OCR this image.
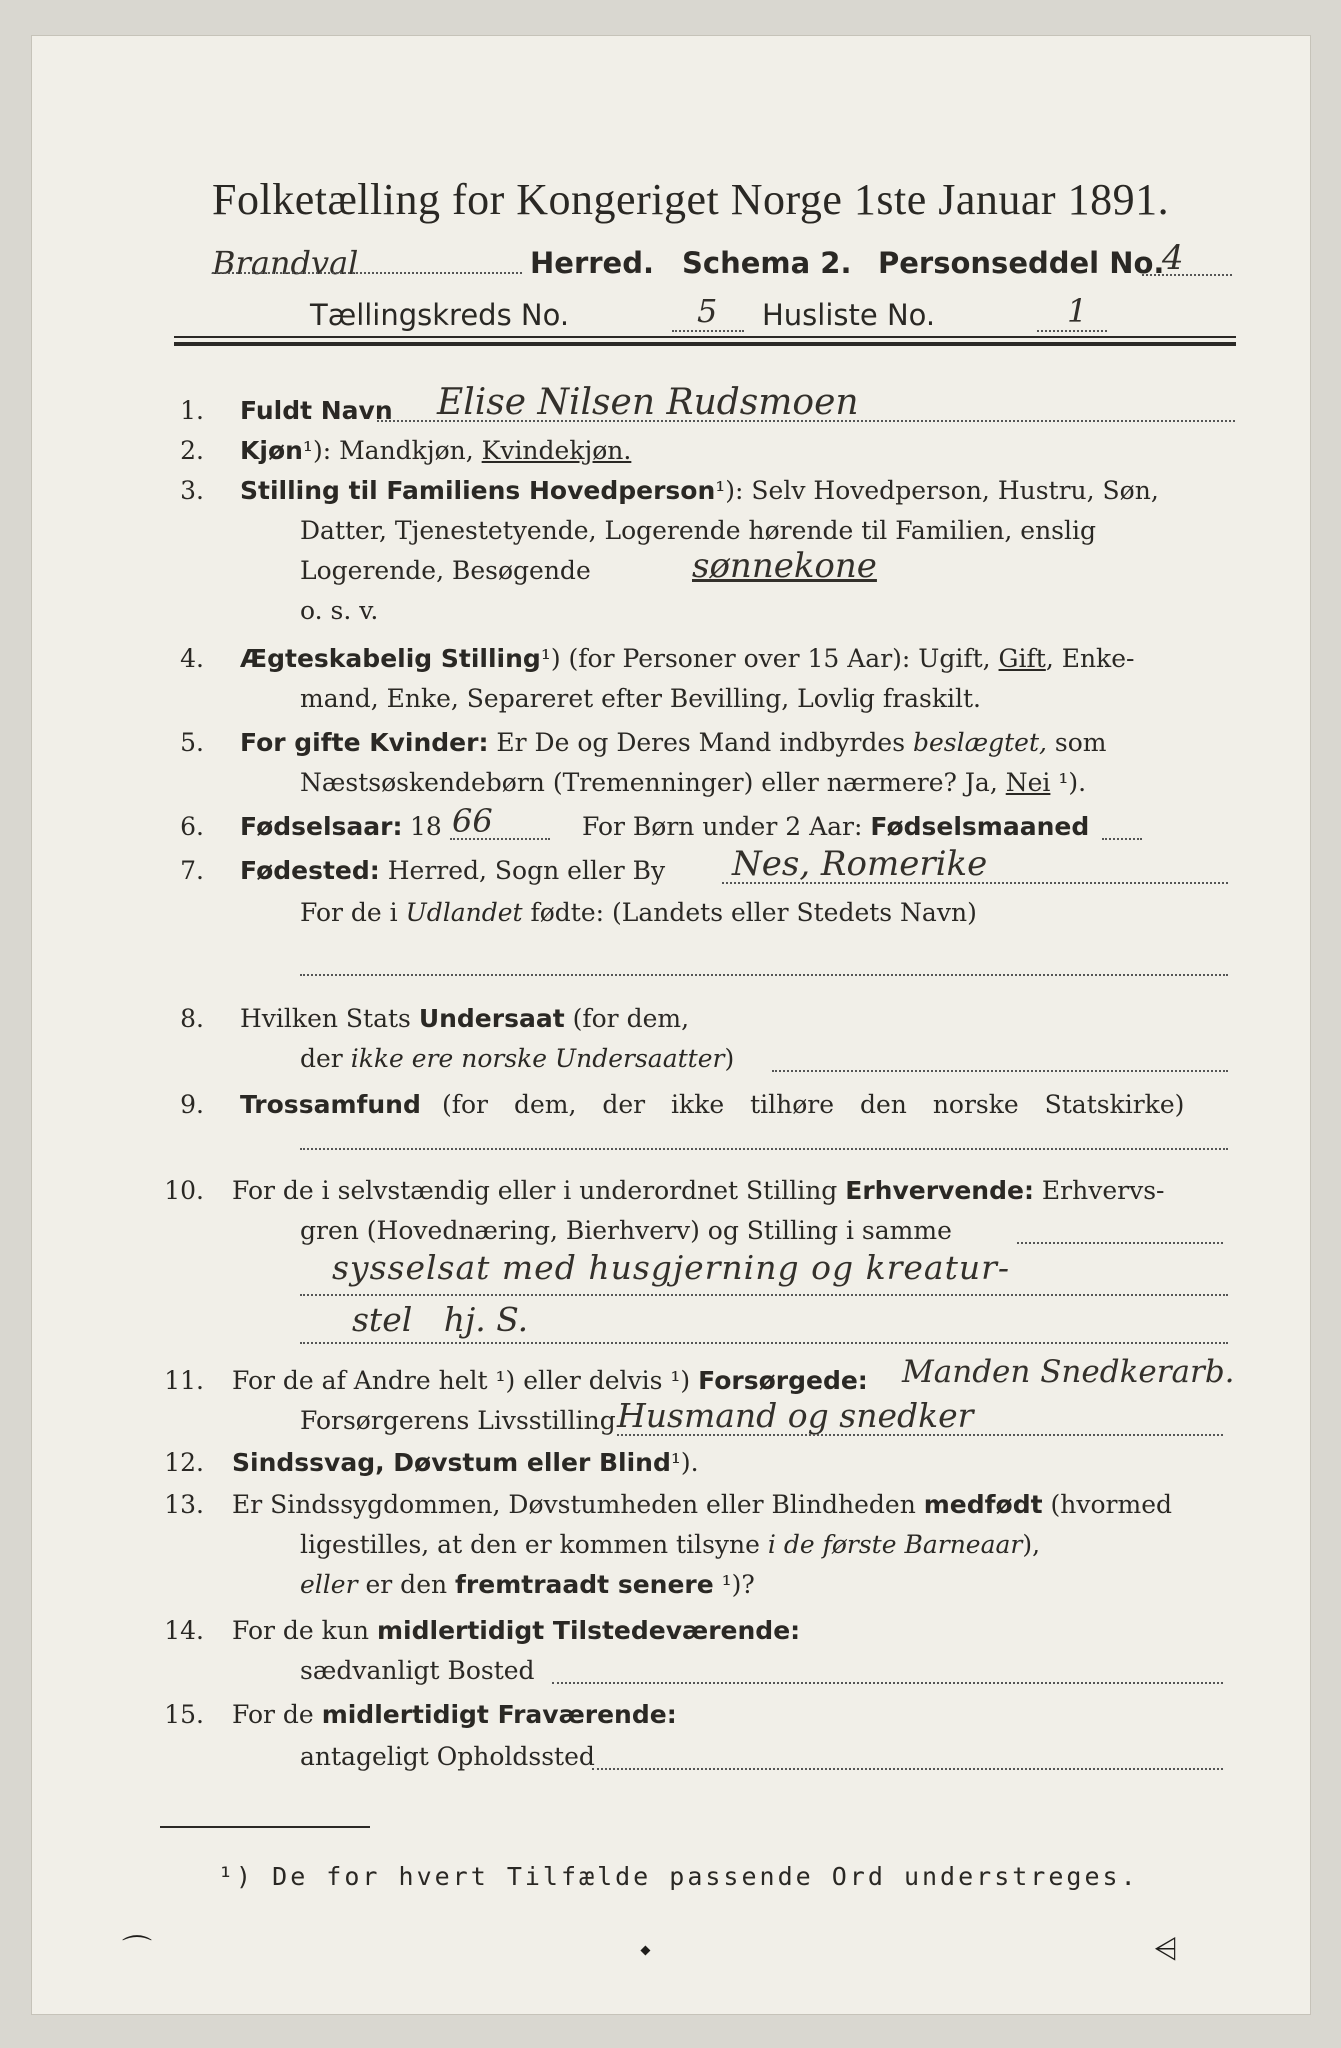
Folketælling for Kongeriget Norge 1ste Januar 1891.
Brandval	Herred. Schema 2. Personseddel No.
4
Tællingskreds No.	5 Husliste No.	1
1. Fuldt Navn Elise Nilsen Rudsmoen
2. Kjøn¹): Mandkjøn, Kvindekjøn.
3. Stilling til Familiens Hovedperson¹): Selv Hovedperson, Hustru, Søn,
Datter, Tjenestetyende, Logerende hørende til Familien, enslig
Logerende, Besøgende	sønnekone
o. s. v.
4. Ægteskabelig Stilling¹) (for Personer over 15 Aar): Ugift, Gift, Enke-
mand, Enke, Separeret efter Bevilling, Lovlig fraskilt.
5. For gifte Kvinder: Er De og Deres Mand indbyrdes beslægtet, som
Næstsøskendebørn (Tremenninger) eller nærmere? Ja, Nei ¹).
6. Fødselsaar: 18 66	For Børn under 2 Aar: Fødselsmaaned
7. Fødested: Herred, Sogn eller By Nes, Romerike
For de i Udlandet fødte: (Landets eller Stedets Navn)
8. Hvilken Stats Undersaat (for dem,
der ikke ere norske Undersaatter)
9. Trossamfund (for dem, der ikke tilhøre den norske Statskirke)
10. For de i selvstændig eller i underordnet Stilling Erhvervende: Erhvervs-
gren (Hovednæring, Bierhverv) og Stilling i samme
sysselsat med husgjerning og kreatur-
stel   hj. S.
11. For de af Andre helt ¹) eller delvis ¹) Forsørgede: Manden Snedkerarb.
Forsørgerens Livsstilling Husmand og snedker
12. Sindssvag, Døvstum eller Blind¹).
13. Er Sindssygdommen, Døvstumheden eller Blindheden medfødt (hvormed
ligestilles, at den er kommen tilsyne i de første Barneaar),
eller er den fremtraadt senere ¹)?
14. For de kun midlertidigt Tilstedeværende:
sædvanligt Bosted
15. For de midlertidigt Fraværende:
antageligt Opholdssted
¹) De for hvert Tilfælde passende Ord understreges.
⌒	⬩	⩤
